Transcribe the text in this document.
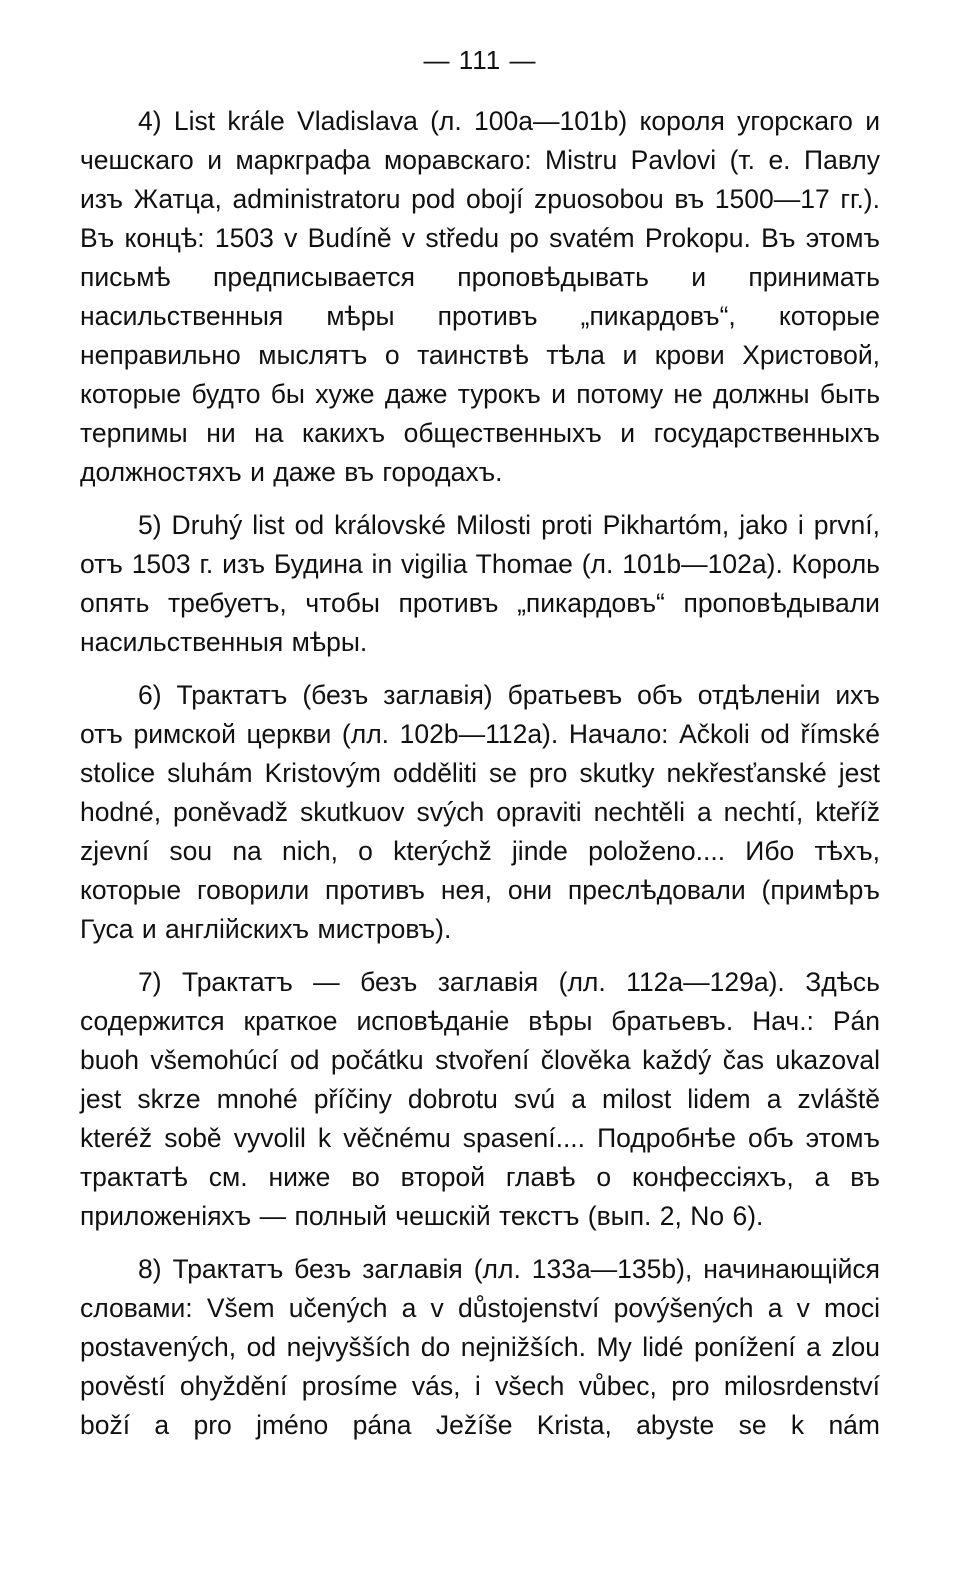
— 111 —

4) List krále Vladislava (л. 100a—101b) короля угорскаго и чешскаго и маркграфа моравскаго: Mistru Pavlovi (т. е. Павлу изъ Жатца, administratoru pod obojí zpuosobou въ 1500—17 гг.). Въ концѣ: 1503 v Budíně v středu po svatém Prokopu. Въ этомъ письмѣ предписывается проповѣдывать и принимать насильственныя мѣры противъ „пикардовъ“, которые неправильно мыслятъ о таинствѣ тѣла и крови Христовой, которые будто бы хуже даже турокъ и потому не должны быть терпимы ни на какихъ общественныхъ и государственныхъ должностяхъ и даже въ городахъ.

5) Druhý list od královské Milosti proti Pikhartóm, jako i první, отъ 1503 г. изъ Будина in vigilia Thomae (л. 101b—102a). Король опять требуетъ, чтобы противъ „пикардовъ“ проповѣдывали насильственныя мѣры.

6) Трактатъ (безъ заглавія) братьевъ объ отдѣленіи ихъ отъ римской церкви (лл. 102b—112a). Начало: Ačkoli od římské stolice sluhám Kristovým odděliti se pro skutky nekřesťanské jest hodné, poněvadž skutkuov svých opraviti nechtěli a nechtí, kteříž zjevní sou na nich, o kterýchž jinde položeno.... Ибо тѣхъ, которые говорили противъ нея, они преслѣдовали (примѣръ Гуса и англійскихъ мистровъ).

7) Трактатъ — безъ заглавія (лл. 112a—129a). Здѣсь содержится краткое исповѣданіе вѣры братьевъ. Нач.: Pán buoh všemohúcí od počátku stvoření člověka každý čas ukazoval jest skrze mnohé příčiny dobrotu svú a milost lidem a zvláště kteréž sobě vyvolil k věčnému spasení.... Подробнѣе объ этомъ трактатѣ см. ниже во второй главѣ о конфессіяхъ, а въ приложеніяхъ — полный чешскій текстъ (вып. 2, No 6).

8) Трактатъ безъ заглавія (лл. 133a—135b), начинающійся словами: Všem učených a v důstojenství povýšených a v moci postavených, od nejvyšších do nejnižších. My lidé ponížení a zlou pověstí ohyždění prosíme vás, i všech vůbec, pro milosrdenství boží a pro jméno pána Ježíše Krista, abyste se k nám
